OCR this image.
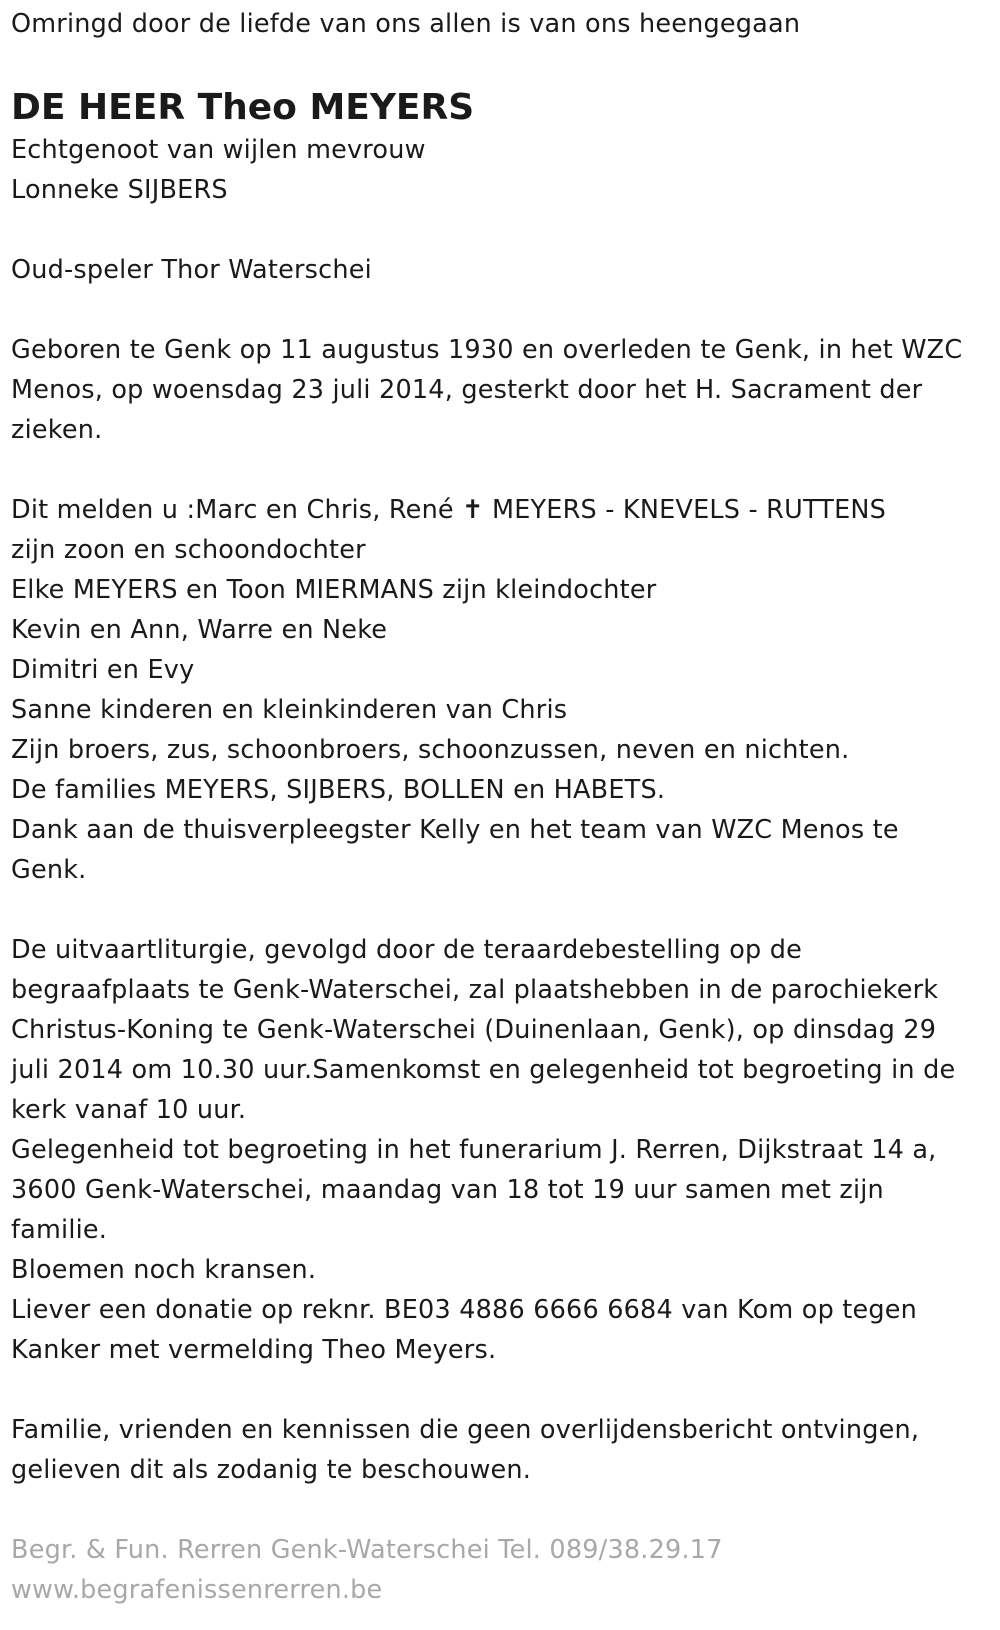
Omringd door de liefde van ons allen is van ons heengegaan
DE HEER Theo MEYERS
Echtgenoot van wijlen mevrouw
Lonneke SIJBERS
Oud-speler Thor Waterschei
Geboren te Genk op 11 augustus 1930 en overleden te Genk, in het WZC
Menos, op woensdag 23 juli 2014, gesterkt door het H. Sacrament der
zieken.
Dit melden u :Marc en Chris, René ✝ MEYERS - KNEVELS - RUTTENS
zijn zoon en schoondochter
Elke MEYERS en Toon MIERMANS zijn kleindochter
Kevin en Ann, Warre en Neke
Dimitri en Evy
Sanne kinderen en kleinkinderen van Chris
Zijn broers, zus, schoonbroers, schoonzussen, neven en nichten.
De families MEYERS, SIJBERS, BOLLEN en HABETS.
Dank aan de thuisverpleegster Kelly en het team van WZC Menos te
Genk.
De uitvaartliturgie, gevolgd door de teraardebestelling op de
begraafplaats te Genk-Waterschei, zal plaatshebben in de parochiekerk
Christus-Koning te Genk-Waterschei (Duinenlaan, Genk), op dinsdag 29
juli 2014 om 10.30 uur.Samenkomst en gelegenheid tot begroeting in de
kerk vanaf 10 uur.
Gelegenheid tot begroeting in het funerarium J. Rerren, Dijkstraat 14 a,
3600 Genk-Waterschei, maandag van 18 tot 19 uur samen met zijn
familie.
Bloemen noch kransen.
Liever een donatie op reknr. BE03 4886 6666 6684 van Kom op tegen
Kanker met vermelding Theo Meyers.
Familie, vrienden en kennissen die geen overlijdensbericht ontvingen,
gelieven dit als zodanig te beschouwen.
Begr. & Fun. Rerren Genk-Waterschei Tel. 089/38.29.17
www.begrafenissenrerren.be
